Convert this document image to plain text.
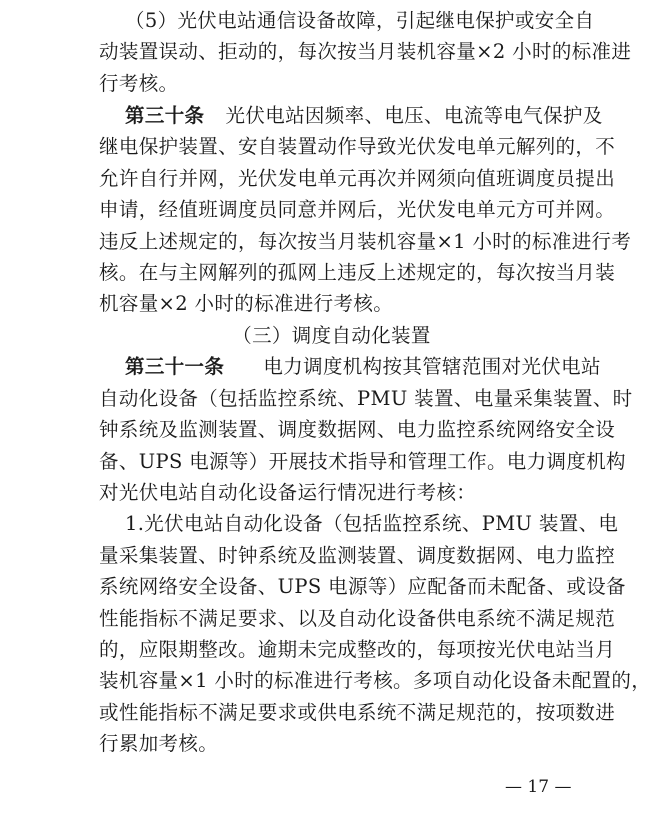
（5）光伏电站通信设备故障，引起继电保护或安全自
动装置误动、拒动的，每次按当月装机容量×2 小时的标准进
行考核。
第三十条 光伏电站因频率、电压、电流等电气保护及
继电保护装置、安自装置动作导致光伏发电单元解列的，不
允许自行并网，光伏发电单元再次并网须向值班调度员提出
申请，经值班调度员同意并网后，光伏发电单元方可并网。
违反上述规定的，每次按当月装机容量×1 小时的标准进行考
核。在与主网解列的孤网上违反上述规定的，每次按当月装
机容量×2 小时的标准进行考核。
（三）调度自动化装置
第三十一条 电力调度机构按其管辖范围对光伏电站
自动化设备（包括监控系统、PMU 装置、电量采集装置、时
钟系统及监测装置、调度数据网、电力监控系统网络安全设
备、UPS 电源等）开展技术指导和管理工作。电力调度机构
对光伏电站自动化设备运行情况进行考核：
1.光伏电站自动化设备（包括监控系统、PMU 装置、电
量采集装置、时钟系统及监测装置、调度数据网、电力监控
系统网络安全设备、UPS 电源等）应配备而未配备、或设备
性能指标不满足要求、以及自动化设备供电系统不满足规范
的，应限期整改。逾期未完成整改的，每项按光伏电站当月
装机容量×1 小时的标准进行考核。多项自动化设备未配置的，
或性能指标不满足要求或供电系统不满足规范的，按项数进
行累加考核。
— 17 —
